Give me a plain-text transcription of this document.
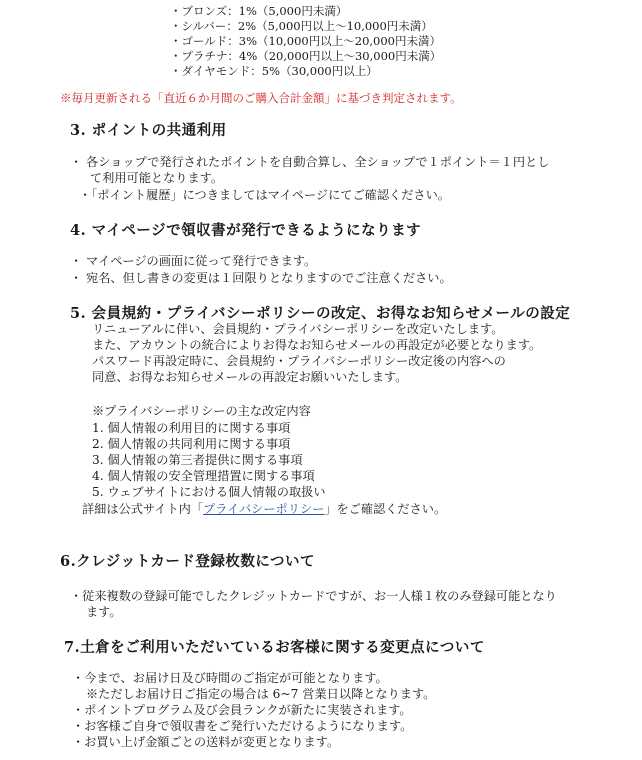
・ブロンズ：1%（5,000円未満）
・シルバー：2%（5,000円以上〜10,000円未満）
・ゴールド：3%（10,000円以上〜20,000円未満）
・プラチナ：4%（20,000円以上〜30,000円未満）
・ダイヤモンド：5%（30,000円以上）
※毎月更新される「直近６か月間のご購入合計金額」に基づき判定されます。
3. ポイントの共通利用
・ 各ショップで発行されたポイントを自動合算し、全ショップで１ポイント＝１円とし
て利用可能となります。
・「ポイント履歴」につきましてはマイページにてご確認ください。
4. マイページで領収書が発行できるようになります
・ マイページの画面に従って発行できます。
・ 宛名、但し書きの変更は１回限りとなりますのでご注意ください。
5. 会員規約・プライバシーポリシーの改定、お得なお知らせメールの設定
リニューアルに伴い、会員規約・プライバシーポリシーを改定いたします。
また、アカウントの統合によりお得なお知らせメールの再設定が必要となります。
パスワード再設定時に、会員規約・プライバシーポリシー改定後の内容への
同意、お得なお知らせメールの再設定お願いいたします。
※プライバシーポリシーの主な改定内容
1. 個人情報の利用目的に関する事項
2. 個人情報の共同利用に関する事項
3. 個人情報の第三者提供に関する事項
4. 個人情報の安全管理措置に関する事項
5. ウェブサイトにおける個人情報の取扱い
詳細は公式サイト内「プライバシーポリシー」をご確認ください。
6.クレジットカード登録枚数について
・従来複数の登録可能でしたクレジットカードですが、お一人様１枚のみ登録可能となり
ます。
7.土倉をご利用いただいているお客様に関する変更点について
・今まで、お届け日及び時間のご指定が可能となります。
※ただしお届け日ご指定の場合は 6~7 営業日以降となります。
・ポイントプログラム及び会員ランクが新たに実装されます。
・お客様ご自身で領収書をご発行いただけるようになります。
・お買い上げ金額ごとの送料が変更となります。
